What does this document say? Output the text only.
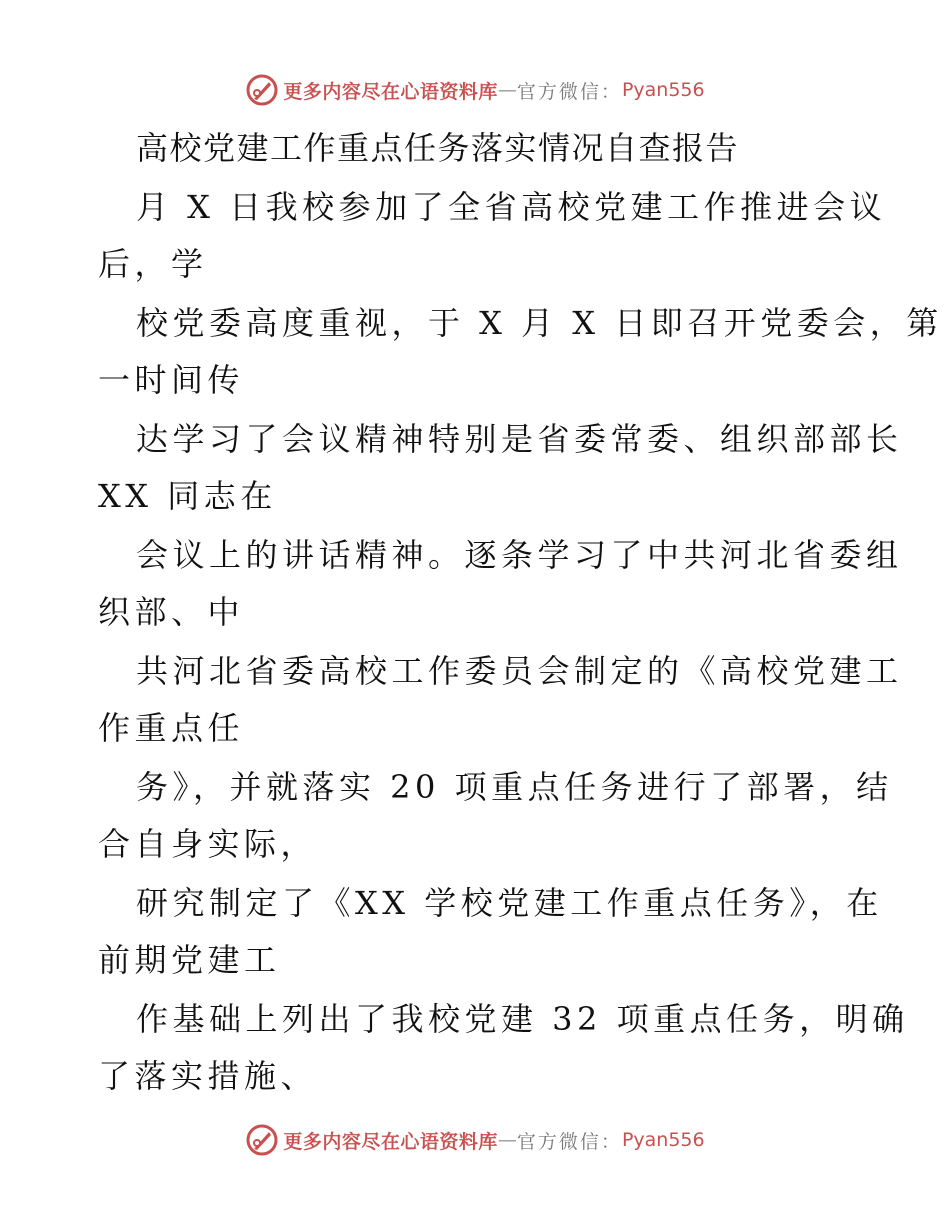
更多内容尽在心语资料库 — 官方微信： Pyan556
高校党建工作重点任务落实情况自查报告
月 X 日我校参加了全省高校党建工作推进会议
后，学
校党委高度重视，于 X 月 X 日即召开党委会，第
一时间传
达学习了会议精神特别是省委常委、组织部部长
XX 同志在
会议上的讲话精神。逐条学习了中共河北省委组
织部、中
共河北省委高校工作委员会制定的《高校党建工
作重点任
务》，并就落实 20 项重点任务进行了部署，结
合自身实际，
研究制定了《XX 学校党建工作重点任务》，在
前期党建工
作基础上列出了我校党建 32 项重点任务，明确
了落实措施、
更多内容尽在心语资料库 — 官方微信： Pyan556
